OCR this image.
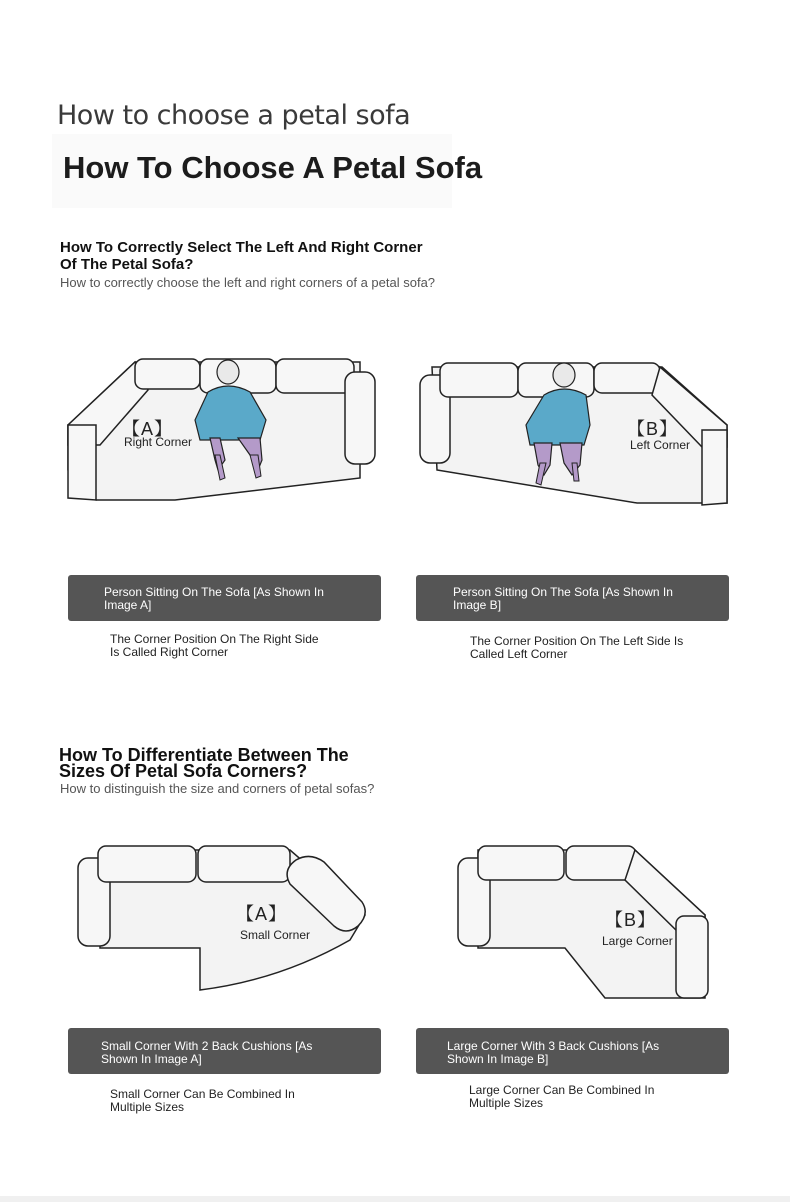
How to choose a petal sofa
How To Choose A Petal Sofa
How To Correctly Select The Left And Right Corner Of The Petal Sofa?
How to correctly choose the left and right corners of a petal sofa?
【A】
Right Corner
【B】
Left Corner
Person Sitting On The Sofa [As Shown In Image A]
Person Sitting On The Sofa [As Shown In Image B]
The Corner Position On The Right Side Is Called Right Corner
The Corner Position On The Left Side Is Called Left Corner
How To Differentiate Between The Sizes Of Petal Sofa Corners?
How to distinguish the size and corners of petal sofas?
【A】
Small Corner
【B】
Large Corner
Small Corner With 2 Back Cushions [As Shown In Image A]
Large Corner With 3 Back Cushions [As Shown In Image B]
Small Corner Can Be Combined In Multiple Sizes
Large Corner Can Be Combined In Multiple Sizes
